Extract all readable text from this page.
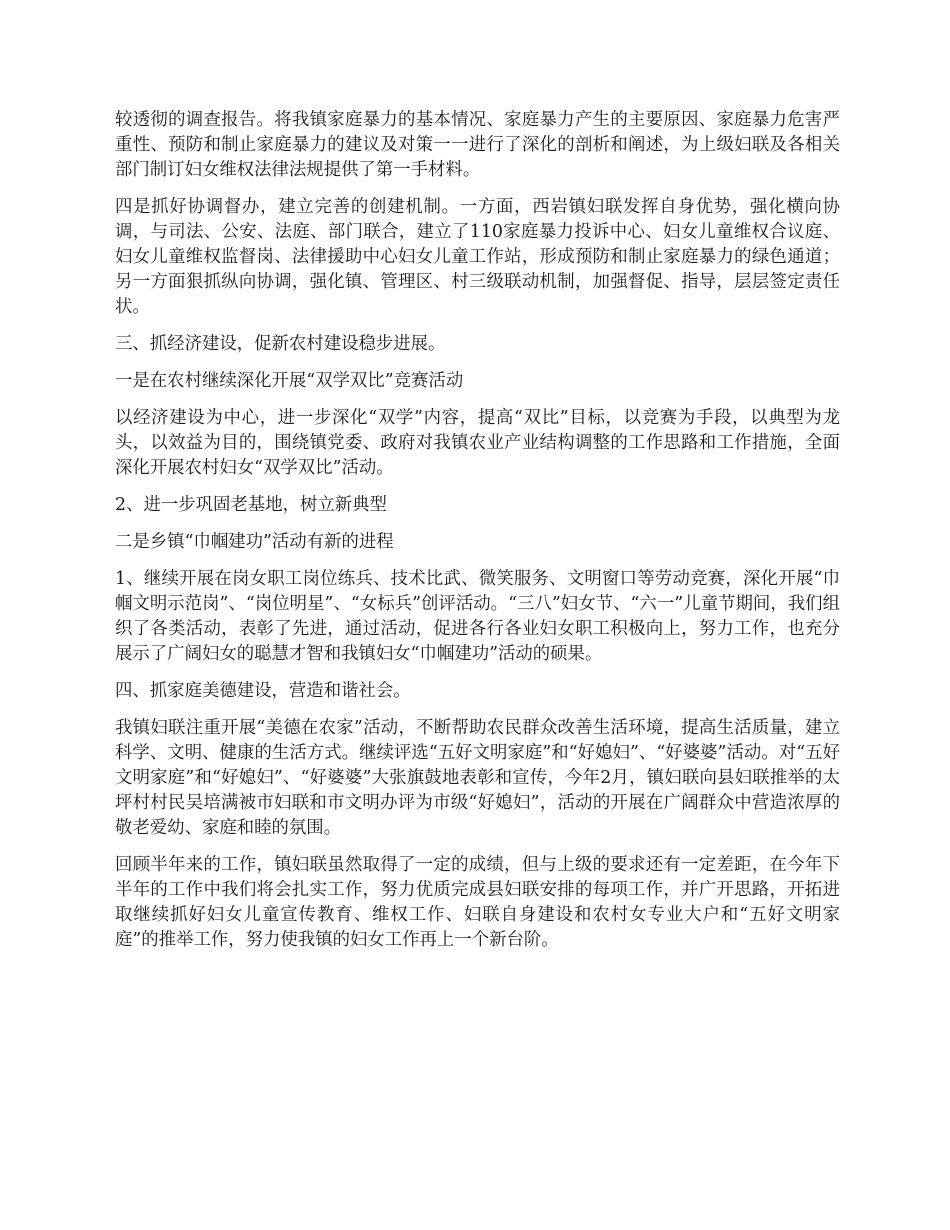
较透彻的调查报告。将我镇家庭暴力的基本情况、家庭暴力产生的主要原因、家庭暴力危害严重性、预防和制止家庭暴力的建议及对策一一进行了深化的剖析和阐述，为上级妇联及各相关部门制订妇女维权法律法规提供了第一手材料。

四是抓好协调督办，建立完善的创建机制。一方面，西岩镇妇联发挥自身优势，强化横向协调，与司法、公安、法庭、部门联合，建立了110家庭暴力投诉中心、妇女儿童维权合议庭、妇女儿童维权监督岗、法律援助中心妇女儿童工作站，形成预防和制止家庭暴力的绿色通道；另一方面狠抓纵向协调，强化镇、管理区、村三级联动机制，加强督促、指导，层层签定责任状。

三、抓经济建设，促新农村建设稳步进展。

一是在农村继续深化开展“双学双比”竞赛活动

以经济建设为中心，进一步深化“双学”内容，提高“双比”目标，以竞赛为手段，以典型为龙头，以效益为目的，围绕镇党委、政府对我镇农业产业结构调整的工作思路和工作措施，全面深化开展农村妇女“双学双比”活动。

2、进一步巩固老基地，树立新典型

二是乡镇“巾帼建功”活动有新的进程

1、继续开展在岗女职工岗位练兵、技术比武、微笑服务、文明窗口等劳动竞赛，深化开展“巾帼文明示范岗”、“岗位明星”、“女标兵”创评活动。“三八”妇女节、“六一”儿童节期间，我们组织了各类活动，表彰了先进，通过活动，促进各行各业妇女职工积极向上，努力工作，也充分展示了广阔妇女的聪慧才智和我镇妇女“巾帼建功”活动的硕果。

四、抓家庭美德建设，营造和谐社会。

我镇妇联注重开展“美德在农家”活动，不断帮助农民群众改善生活环境，提高生活质量，建立科学、文明、健康的生活方式。继续评选“五好文明家庭”和“好媳妇”、“好婆婆”活动。对“五好文明家庭”和“好媳妇”、“好婆婆”大张旗鼓地表彰和宣传，今年2月，镇妇联向县妇联推举的太坪村村民吴培满被市妇联和市文明办评为市级“好媳妇”，活动的开展在广阔群众中营造浓厚的敬老爱幼、家庭和睦的氛围。

回顾半年来的工作，镇妇联虽然取得了一定的成绩，但与上级的要求还有一定差距，在今年下半年的工作中我们将会扎实工作，努力优质完成县妇联安排的每项工作，并广开思路，开拓进取继续抓好妇女儿童宣传教育、维权工作、妇联自身建设和农村女专业大户和“五好文明家庭”的推举工作，努力使我镇的妇女工作再上一个新台阶。
